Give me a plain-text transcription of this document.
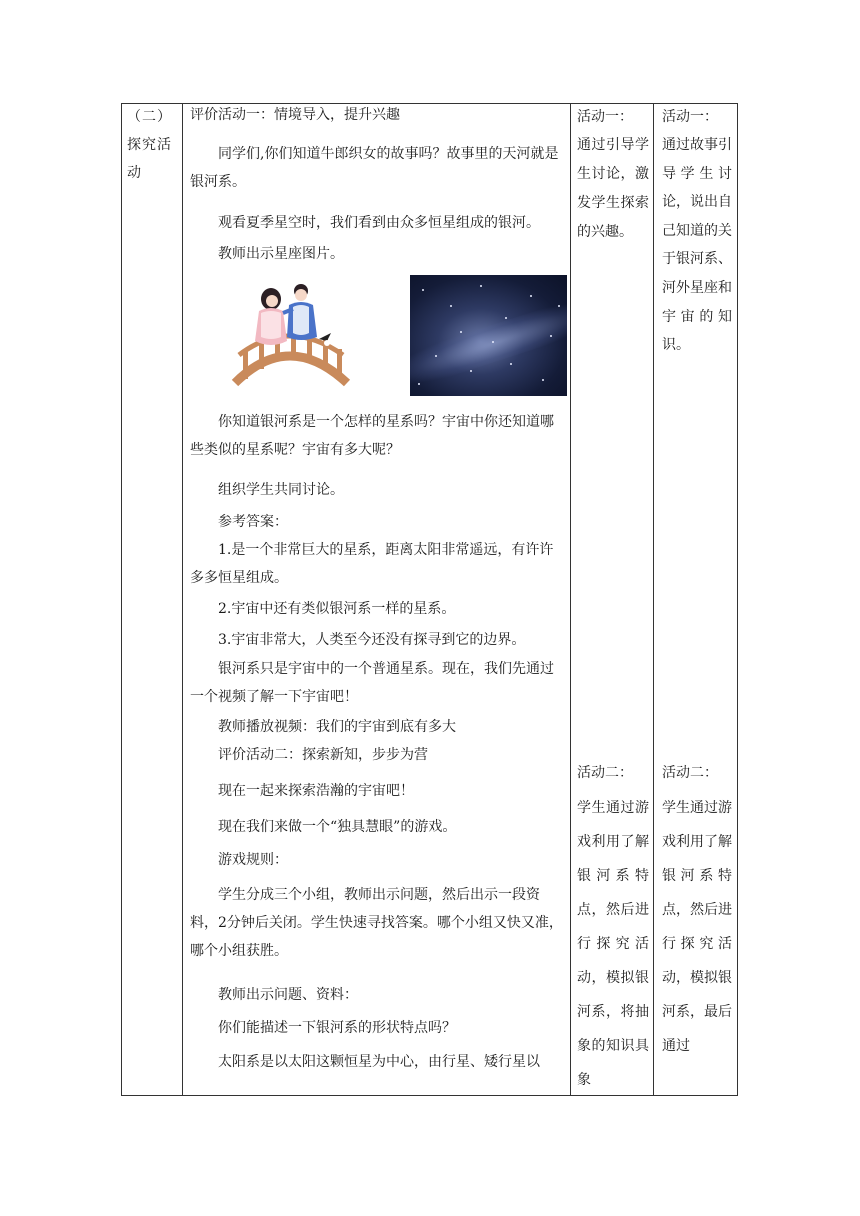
（二）
探究活
动

评价活动一：情境导入，提升兴趣

同学们,你们知道牛郎织女的故事吗？故事里的天河就是银河系。

观看夏季星空时，我们看到由众多恒星组成的银河。

教师出示星座图片。

你知道银河系是一个怎样的星系吗？宇宙中你还知道哪些类似的星系呢？宇宙有多大呢？

组织学生共同讨论。

参考答案：

1.是一个非常巨大的星系，距离太阳非常遥远，有许许多多恒星组成。

2.宇宙中还有类似银河系一样的星系。

3.宇宙非常大，人类至今还没有探寻到它的边界。

银河系只是宇宙中的一个普通星系。现在，我们先通过一个视频了解一下宇宙吧！

教师播放视频：我们的宇宙到底有多大

评价活动二：探索新知，步步为营

现在一起来探索浩瀚的宇宙吧！

现在我们来做一个“独具慧眼”的游戏。

游戏规则：

学生分成三个小组，教师出示问题，然后出示一段资料，2分钟后关闭。学生快速寻找答案。哪个小组又快又准，哪个小组获胜。

教师出示问题、资料：

你们能描述一下银河系的形状特点吗？

太阳系是以太阳这颗恒星为中心，由行星、矮行星以

活动一：
通过引导学生讨论，激发学生探索的兴趣。
活动二：
学生通过游戏利用了解银河系特点，然后进行探究活动，模拟银河系，将抽象的知识具象
活动一：
通过故事引导学生讨论，说出自己知道的关于银河系、河外星座和宇宙的知识。
活动二：
学生通过游戏利用了解银河系特点，然后进行探究活动，模拟银河系，最后通过
